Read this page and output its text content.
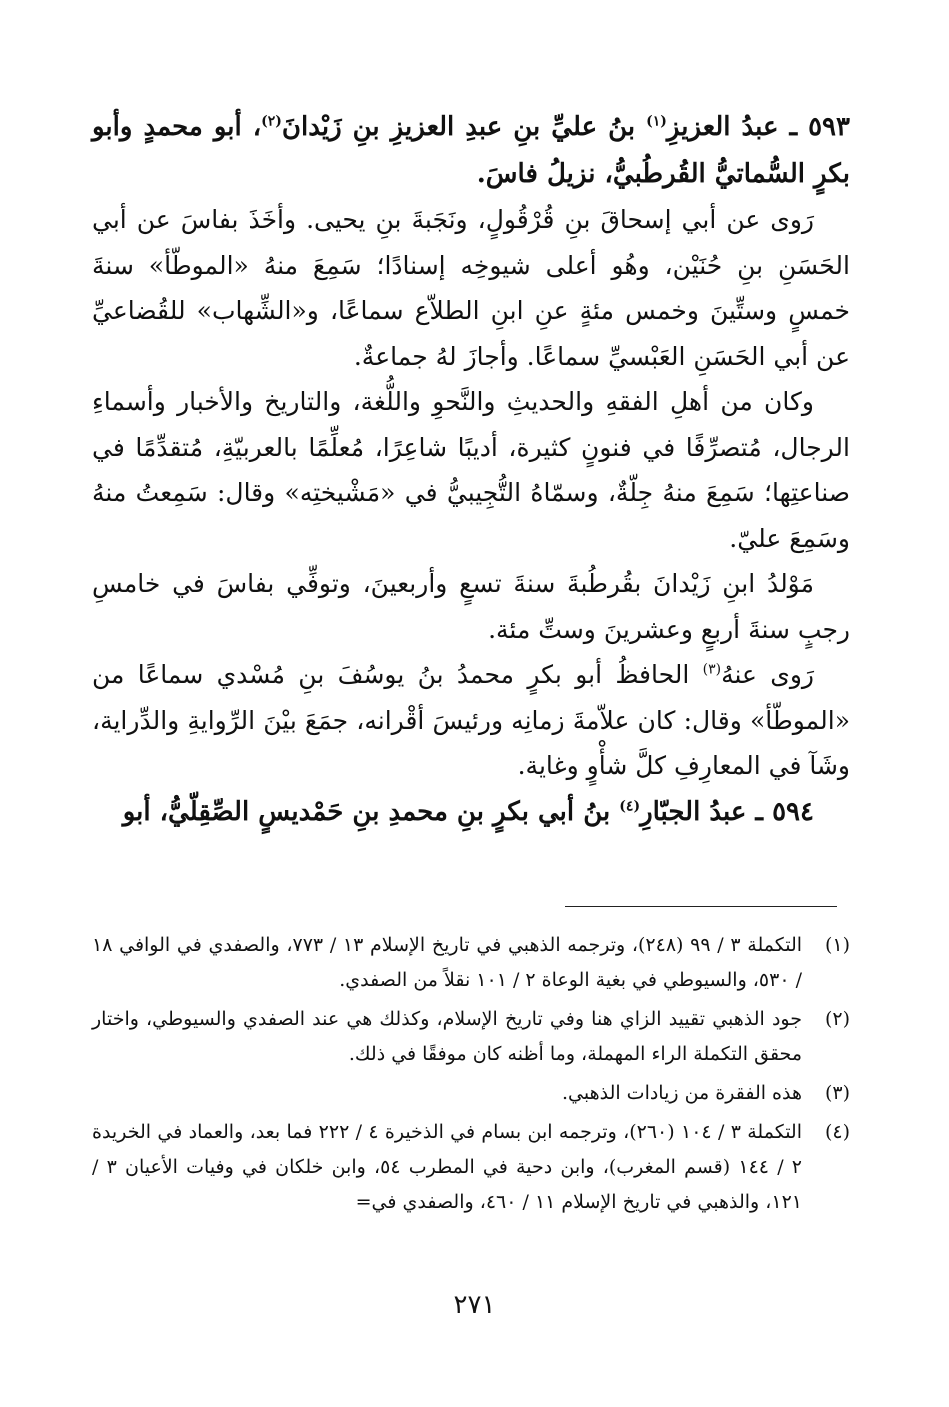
٥٩٣ ـ عبدُ العزيزِ$^{(١)}$ بنُ عليِّ بنِ عبدِ العزيزِ بنِ زَيْدانَ$^{(٢)}$، أبو محمدٍ وأبو بكرٍ السُّماتيُّ القُرطُبيُّ، نزيلُ فاسَ.

رَوى عن أبي إسحاقَ بنِ قُرْقُولٍ، ونَجَبةَ بنِ يحيى. وأخَذَ بفاسَ عن أبي الحَسَنِ بنِ حُنَيْن، وهُو أعلى شيوخِه إسنادًا؛ سَمِعَ منهُ «الموطّأ» سنةَ خمسٍ وستِّينَ وخمس مئةٍ عنِ ابنِ الطلاّع سماعًا، و«الشِّهاب» للقُضاعيِّ عن أبي الحَسَنِ العَبْسيِّ سماعًا. وأجازَ لهُ جماعةٌ.

وكان من أهلِ الفقهِ والحديثِ والنَّحوِ واللُّغة، والتاريخ والأخبار وأسماءِ الرجال، مُتصرِّفًا في فنونٍ كثيرة، أديبًا شاعِرًا، مُعلِّمًا بالعربيّةِ، مُتقدِّمًا في صناعتِها؛ سَمِعَ منهُ جِلّةٌ، وسمّاهُ التُّجِيبيُّ في «مَشْيختِه» وقال: سَمِعتُ منهُ وسَمِعَ عليّ.

مَوْلدُ ابنِ زَيْدانَ بقُرطُبةَ سنةَ تسعٍ وأربعينَ، وتوفِّي بفاسَ في خامسِ رجبٍ سنةَ أربعٍ وعشرينَ وستِّ مئة.

رَوى عنهُ$^{(٣)}$ الحافظُ أبو بكرٍ محمدُ بنُ يوسُفَ بنِ مُسْدي سماعًا من «الموطّأ» وقال: كان علاّمةَ زمانِه ورئيسَ أقْرانه، جمَعَ بيْنَ الرِّوايةِ والدِّراية، وشَآ في المعارِفِ كلَّ شأْوٍ وغاية.

٥٩٤ ـ عبدُ الجبّارِ$^{(٤)}$ بنُ أبي بكرٍ بنِ محمدِ بنِ حَمْديسٍ الصِّقِلّيُّ، أبو

(١)
التكملة ٣ / ٩٩ (٢٤٨)، وترجمه الذهبي في تاريخ الإسلام ١٣ / ٧٧٣، والصفدي في الوافي ١٨ / ٥٣٠، والسيوطي في بغية الوعاة ٢ / ١٠١ نقلاً من الصفدي.
(٢)
جود الذهبي تقييد الزاي هنا وفي تاريخ الإسلام، وكذلك هي عند الصفدي والسيوطي، واختار محقق التكملة الراء المهملة، وما أظنه كان موفقًا في ذلك.
(٣)
هذه الفقرة من زيادات الذهبي.
(٤)
التكملة ٣ / ١٠٤ (٢٦٠)، وترجمه ابن بسام في الذخيرة ٤ / ٢٢٢ فما بعد، والعماد في الخريدة ٢ / ١٤٤ (قسم المغرب)، وابن دحية في المطرب ٥٤، وابن خلكان في وفيات الأعيان ٣ / ١٢١، والذهبي في تاريخ الإسلام ١١ / ٤٦٠، والصفدي في=
٢٧١
